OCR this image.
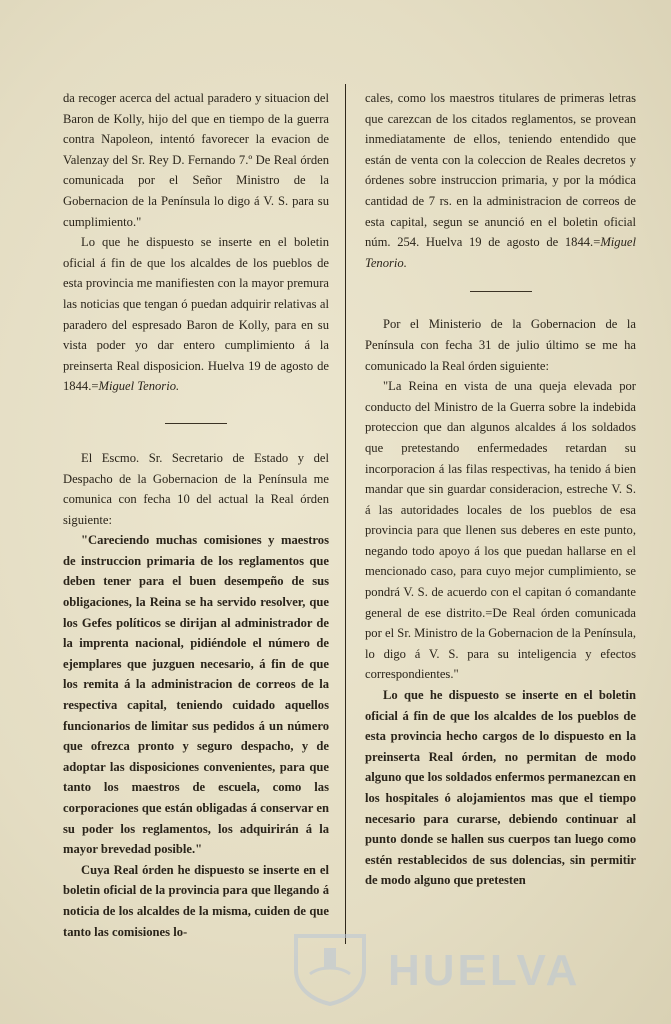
da recoger acerca del actual paradero y situacion del Baron de Kolly, hijo del que en tiempo de la guerra contra Napoleon, intentó favorecer la evacion de Valenzay del Sr. Rey D. Fernando 7.º De Real órden comunicada por el Señor Ministro de la Gobernacion de la Península lo digo á V. S. para su cumplimiento."

Lo que he dispuesto se inserte en el boletin oficial á fin de que los alcaldes de los pueblos de esta provincia me manifiesten con la mayor premura las noticias que tengan ó puedan adquirir relativas al paradero del espresado Baron de Kolly, para en su vista poder yo dar entero cumplimiento á la preinserta Real disposicion. Huelva 19 de agosto de 1844.=Miguel Tenorio.

El Escmo. Sr. Secretario de Estado y del Despacho de la Gobernacion de la Península me comunica con fecha 10 del actual la Real órden siguiente:

"Careciendo muchas comisiones y maestros de instruccion primaria de los reglamentos que deben tener para el buen desempeño de sus obligaciones, la Reina se ha servido resolver, que los Gefes políticos se dirijan al administrador de la imprenta nacional, pidiéndole el número de ejemplares que juzguen necesario, á fin de que los remita á la administracion de correos de la respectiva capital, teniendo cuidado aquellos funcionarios de limitar sus pedidos á un número que ofrezca pronto y seguro despacho, y de adoptar las disposiciones convenientes, para que tanto los maestros de escuela, como las corporaciones que están obligadas á conservar en su poder los reglamentos, los adquirirán á la mayor brevedad posible."

Cuya Real órden he dispuesto se inserte en el boletin oficial de la provincia para que llegando á noticia de los alcaldes de la misma, cuiden de que tanto las comisiones lo-

cales, como los maestros titulares de primeras letras que carezcan de los citados reglamentos, se provean inmediatamente de ellos, teniendo entendido que están de venta con la coleccion de Reales decretos y órdenes sobre instruccion primaria, y por la módica cantidad de 7 rs. en la administracion de correos de esta capital, segun se anunció en el boletin oficial núm. 254. Huelva 19 de agosto de 1844.=Miguel Tenorio.

Por el Ministerio de la Gobernacion de la Península con fecha 31 de julio último se me ha comunicado la Real órden siguiente:

"La Reina en vista de una queja elevada por conducto del Ministro de la Guerra sobre la indebida proteccion que dan algunos alcaldes á los soldados que pretestando enfermedades retardan su incorporacion á las filas respectivas, ha tenido á bien mandar que sin guardar consideracion, estreche V. S. á las autoridades locales de los pueblos de esa provincia para que llenen sus deberes en este punto, negando todo apoyo á los que puedan hallarse en el mencionado caso, para cuyo mejor cumplimiento, se pondrá V. S. de acuerdo con el capitan ó comandante general de ese distrito.=De Real órden comunicada por el Sr. Ministro de la Gobernacion de la Península, lo digo á V. S. para su inteligencia y efectos correspondientes."

Lo que he dispuesto se inserte en el boletin oficial á fin de que los alcaldes de los pueblos de esta provincia hecho cargos de lo dispuesto en la preinserta Real órden, no permitan de modo alguno que los soldados enfermos permanezcan en los hospitales ó alojamientos mas que el tiempo necesario para curarse, debiendo continuar al punto donde se hallen sus cuerpos tan luego como estén restablecidos de sus dolencias, sin permitir de modo alguno que pretesten

HUELVA
